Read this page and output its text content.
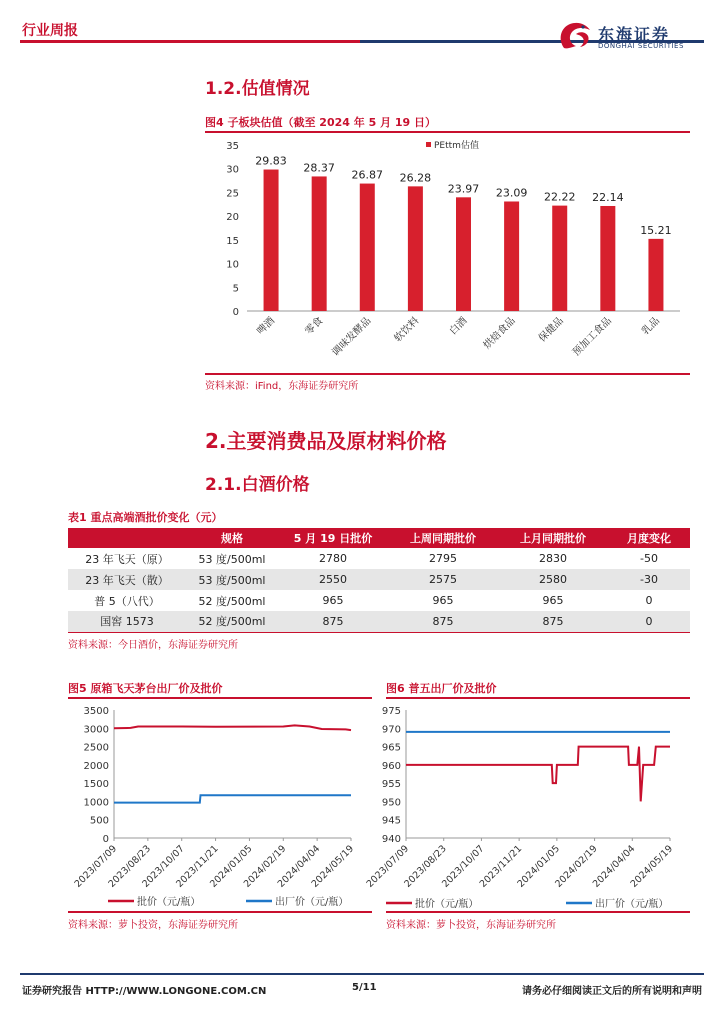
行业周报	东海证券
DONGHAI SECURITIES
1.2.估值情况
图4 子板块估值（截至 2024 年 5 月 19 日）
0
5
10
15
20
25
30
35
29.83
啤酒
28.37
零食
26.87
调味发酵品
26.28
软饮料
23.97
白酒
23.09
烘焙食品
22.22
保健品
22.14
预加工食品
15.21
乳品
PEttm估值
资料来源：iFind，东海证券研究所
2.主要消费品及原材料价格
2.1.白酒价格
表1 重点高端酒批价变化（元）
	规格	5 月 19 日批价	上周同期批价	上月同期批价	月度变化
23 年飞天（原）	53 度/500ml	2780	2795	2830	-50
23 年飞天（散）	53 度/500ml	2550	2575	2580	-30
普 5（八代）	52 度/500ml	965	965	965	0
国窖 1573	52 度/500ml	875	875	875	0
资料来源：今日酒价，东海证券研究所
图5 原箱飞天茅台出厂价及批价
0
500
1000
1500
2000
2500
3000
3500
2023/07/09
2023/08/23
2023/10/07
2023/11/21
2024/01/05
2024/02/19
2024/04/04
2024/05/19
批价（元/瓶）	出厂价（元/瓶）
资料来源：萝卜投资，东海证券研究所
图6 普五出厂价及批价
940
945
950
955
960
965
970
975
2023/07/09
2023/08/23
2023/10/07
2023/11/21
2024/01/05
2024/02/19
2024/04/04
2024/05/19
批价（元/瓶）	出厂价（元/瓶）
资料来源：萝卜投资，东海证券研究所
证券研究报告 HTTP://WWW.LONGONE.COM.CN	5/11	请务必仔细阅读正文后的所有说明和声明
